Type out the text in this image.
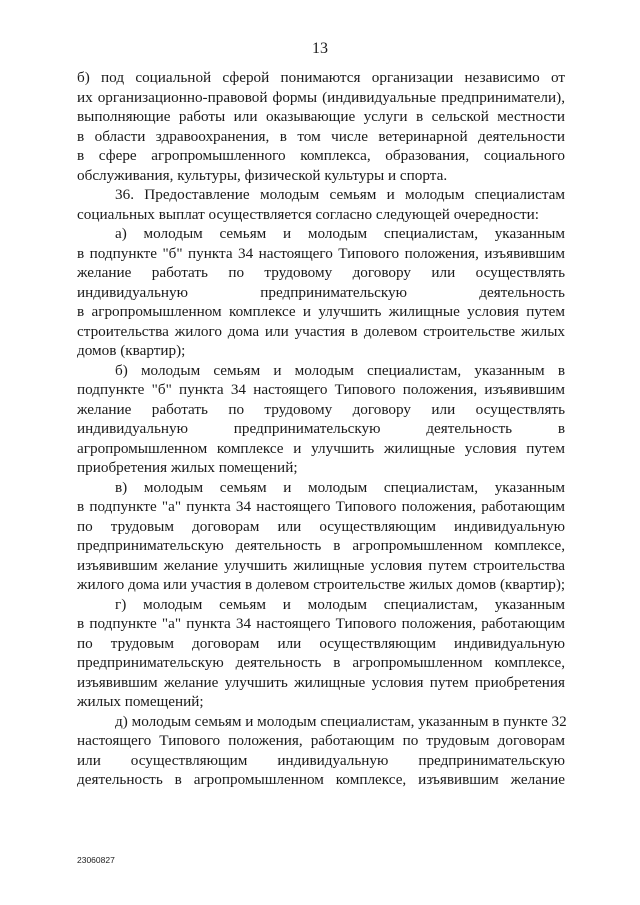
13
б) под социальной сферой понимаются организации независимо от
их организационно-правовой формы (индивидуальные предприниматели),
выполняющие работы или оказывающие услуги в сельской местности
в области здравоохранения, в том числе ветеринарной деятельности
в сфере агропромышленного комплекса, образования, социального
обслуживания, культуры, физической культуры и спорта.
36. Предоставление молодым семьям и молодым специалистам
социальных выплат осуществляется согласно следующей очередности:
а) молодым семьям и молодым специалистам, указанным
в подпункте "б" пункта 34 настоящего Типового положения, изъявившим
желание работать по трудовому договору или осуществлять
индивидуальную предпринимательскую деятельность
в агропромышленном комплексе и улучшить жилищные условия путем
строительства жилого дома или участия в долевом строительстве жилых
домов (квартир);
б) молодым семьям и молодым специалистам, указанным в
подпункте "б" пункта 34 настоящего Типового положения, изъявившим
желание работать по трудовому договору или осуществлять
индивидуальную предпринимательскую деятельность в
агропромышленном комплексе и улучшить жилищные условия путем
приобретения жилых помещений;
в) молодым семьям и молодым специалистам, указанным
в подпункте "а" пункта 34 настоящего Типового положения, работающим
по трудовым договорам или осуществляющим индивидуальную
предпринимательскую деятельность в агропромышленном комплексе,
изъявившим желание улучшить жилищные условия путем строительства
жилого дома или участия в долевом строительстве жилых домов (квартир);
г) молодым семьям и молодым специалистам, указанным
в подпункте "а" пункта 34 настоящего Типового положения, работающим
по трудовым договорам или осуществляющим индивидуальную
предпринимательскую деятельность в агропромышленном комплексе,
изъявившим желание улучшить жилищные условия путем приобретения
жилых помещений;
д) молодым семьям и молодым специалистам, указанным в пункте 32
настоящего Типового положения, работающим по трудовым договорам
или осуществляющим индивидуальную предпринимательскую
деятельность в агропромышленном комплексе, изъявившим желание
23060827
